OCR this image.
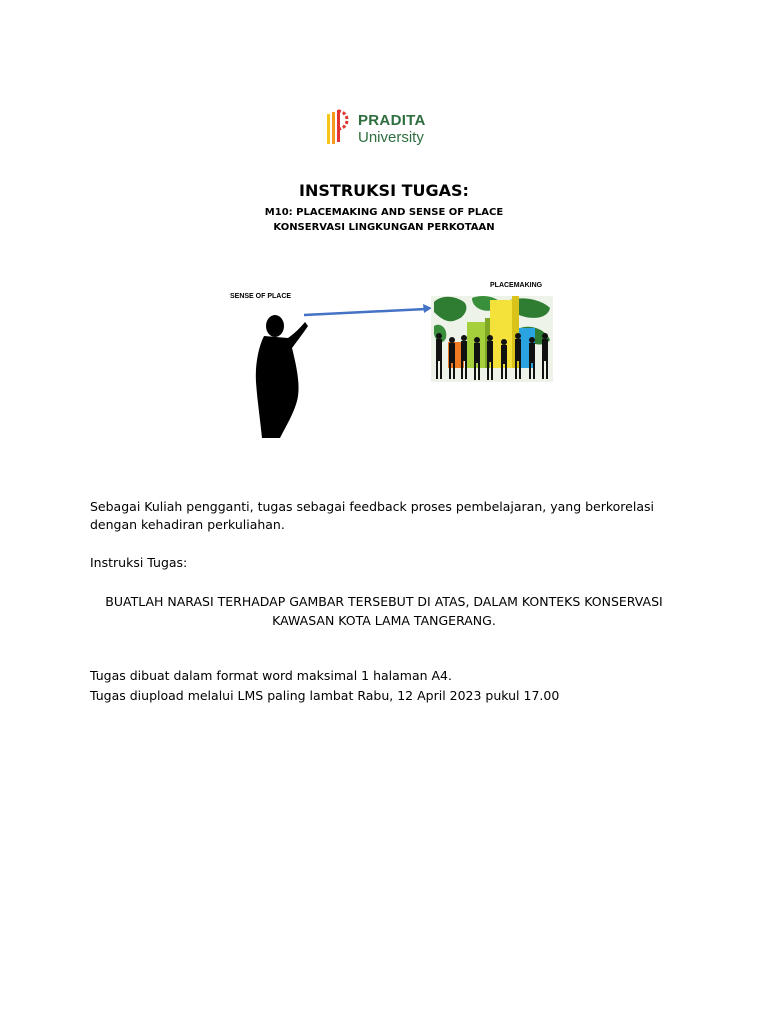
PRADITA
University
INSTRUKSI TUGAS:
M10: PLACEMAKING AND SENSE OF PLACE
KONSERVASI LINGKUNGAN PERKOTAAN
SENSE OF PLACE
PLACEMAKING
Sebagai Kuliah pengganti, tugas sebagai feedback proses pembelajaran, yang berkorelasi dengan kehadiran perkuliahan.
Instruksi Tugas:
BUATLAH NARASI TERHADAP GAMBAR TERSEBUT DI ATAS, DALAM KONTEKS KONSERVASI KAWASAN KOTA LAMA TANGERANG.
Tugas dibuat dalam format word maksimal 1 halaman A4.
Tugas diupload melalui LMS paling lambat Rabu, 12 April 2023 pukul 17.00
